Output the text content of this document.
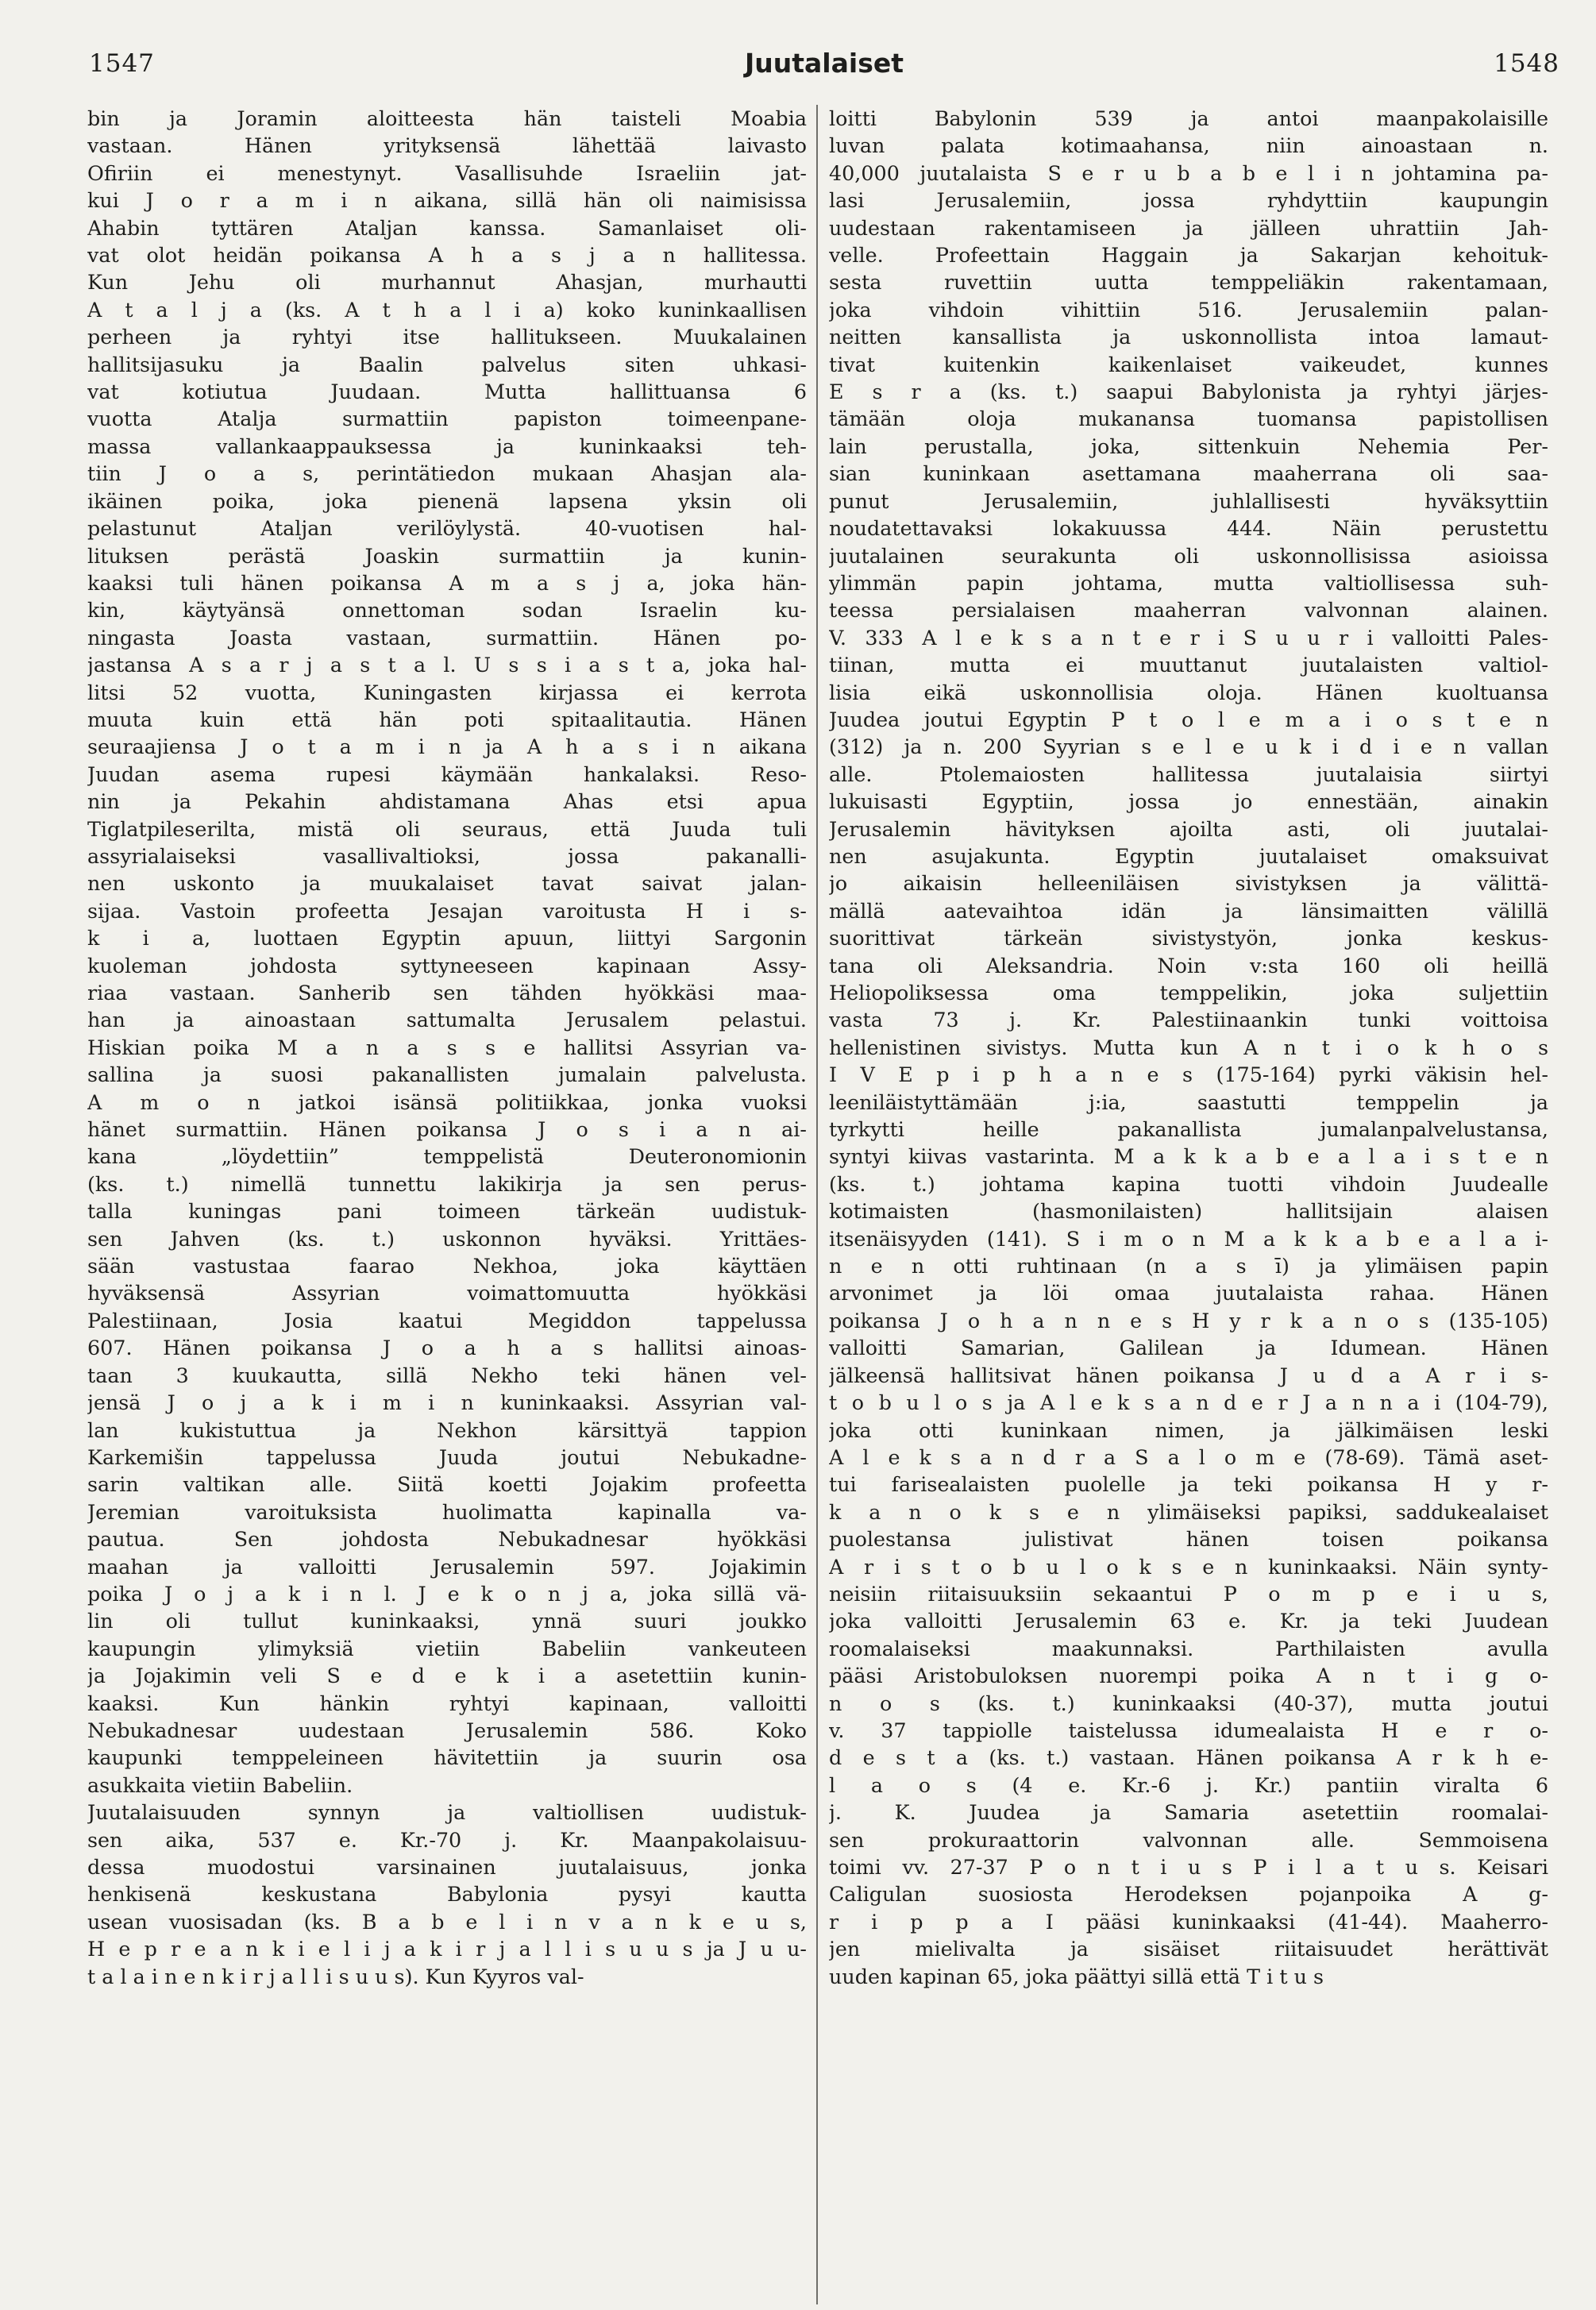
1547	Juutalaiset	1548

bin ja Joramin aloitteesta hän taisteli Moabia

vastaan. Hänen yrityksensä lähettää laivasto

Ofiriin ei menestynyt. Vasallisuhde Israeliin jat-

kui J o r a m i n aikana, sillä hän oli naimisissa

Ahabin tyttären Ataljan kanssa. Samanlaiset oli-

vat olot heidän poikansa A h a s j a n hallitessa.

Kun Jehu oli murhannut Ahasjan, murhautti

A t a l j a (ks. A t h a l i a) koko kuninkaallisen

perheen ja ryhtyi itse hallitukseen. Muukalainen

hallitsijasuku ja Baalin palvelus siten uhkasi-

vat kotiutua Juudaan. Mutta hallittuansa 6

vuotta Atalja surmattiin papiston toimeenpane-

massa vallankaappauksessa ja kuninkaaksi teh-

tiin J o a s, perintätiedon mukaan Ahasjan ala-

ikäinen poika, joka pienenä lapsena yksin oli

pelastunut Ataljan verilöylystä. 40-vuotisen hal-

lituksen perästä Joaskin surmattiin ja kunin-

kaaksi tuli hänen poikansa A m a s j a, joka hän-

kin, käytyänsä onnettoman sodan Israelin ku-

ningasta Joasta vastaan, surmattiin. Hänen po-

jastansa A s a r j a s t a l. U s s i a s t a, joka hal-

litsi 52 vuotta, Kuningasten kirjassa ei kerrota

muuta kuin että hän poti spitaalitautia. Hänen

seuraajiensa J o t a m i n ja A h a s i n aikana

Juudan asema rupesi käymään hankalaksi. Reso-

nin ja Pekahin ahdistamana Ahas etsi apua

Tiglatpileserilta, mistä oli seuraus, että Juuda tuli

assyrialaiseksi vasallivaltioksi, jossa pakanalli-

nen uskonto ja muukalaiset tavat saivat jalan-

sijaa. Vastoin profeetta Jesajan varoitusta H i s-

k i a, luottaen Egyptin apuun, liittyi Sargonin

kuoleman johdosta syttyneeseen kapinaan Assy-

riaa vastaan. Sanherib sen tähden hyökkäsi maa-

han ja ainoastaan sattumalta Jerusalem pelastui.

Hiskian poika M a n a s s e hallitsi Assyrian va-

sallina ja suosi pakanallisten jumalain palvelusta.

A m o n jatkoi isänsä politiikkaa, jonka vuoksi

hänet surmattiin. Hänen poikansa J o s i a n ai-

kana „löydettiin” temppelistä Deuteronomionin

(ks. t.) nimellä tunnettu lakikirja ja sen perus-

talla kuningas pani toimeen tärkeän uudistuk-

sen Jahven (ks. t.) uskonnon hyväksi. Yrittäes-

sään vastustaa faarao Nekhoa, joka käyttäen

hyväksensä Assyrian voimattomuutta hyökkäsi

Palestiinaan, Josia kaatui Megiddon tappelussa

607. Hänen poikansa J o a h a s hallitsi ainoas-

taan 3 kuukautta, sillä Nekho teki hänen vel-

jensä J o j a k i m i n kuninkaaksi. Assyrian val-

lan kukistuttua ja Nekhon kärsittyä tappion

Karkemišin tappelussa Juuda joutui Nebukadne-

sarin valtikan alle. Siitä koetti Jojakim profeetta

Jeremian varoituksista huolimatta kapinalla va-

pautua. Sen johdosta Nebukadnesar hyökkäsi

maahan ja valloitti Jerusalemin 597. Jojakimin

poika J o j a k i n l. J e k o n j a, joka sillä vä-

lin oli tullut kuninkaaksi, ynnä suuri joukko

kaupungin ylimyksiä vietiin Babeliin vankeuteen

ja Jojakimin veli S e d e k i a asetettiin kunin-

kaaksi. Kun hänkin ryhtyi kapinaan, valloitti

Nebukadnesar uudestaan Jerusalemin 586. Koko

kaupunki temppeleineen hävitettiin ja suurin osa

asukkaita vietiin Babeliin.

Juutalaisuuden synnyn ja valtiollisen uudistuk-

sen aika, 537 e. Kr.-70 j. Kr. Maanpakolaisuu-

dessa muodostui varsinainen juutalaisuus, jonka

henkisenä keskustana Babylonia pysyi kautta

usean vuosisadan (ks. B a b e l i n v a n k e u s,

H e p r e a n k i e l i j a k i r j a l l i s u u s ja J u u-

t a l a i n e n k i r j a l l i s u u s). Kun Kyyros val-

loitti Babylonin 539 ja antoi maanpakolaisille

luvan palata kotimaahansa, niin ainoastaan n.

40,000 juutalaista S e r u b a b e l i n johtamina pa-

lasi Jerusalemiin, jossa ryhdyttiin kaupungin

uudestaan rakentamiseen ja jälleen uhrattiin Jah-

velle. Profeettain Haggain ja Sakarjan kehoituk-

sesta ruvettiin uutta temppeliäkin rakentamaan,

joka vihdoin vihittiin 516. Jerusalemiin palan-

neitten kansallista ja uskonnollista intoa lamaut-

tivat kuitenkin kaikenlaiset vaikeudet, kunnes

E s r a (ks. t.) saapui Babylonista ja ryhtyi järjes-

tämään oloja mukanansa tuomansa papistollisen

lain perustalla, joka, sittenkuin Nehemia Per-

sian kuninkaan asettamana maaherrana oli saa-

punut Jerusalemiin, juhlallisesti hyväksyttiin

noudatettavaksi lokakuussa 444. Näin perustettu

juutalainen seurakunta oli uskonnollisissa asioissa

ylimmän papin johtama, mutta valtiollisessa suh-

teessa persialaisen maaherran valvonnan alainen.

V. 333 A l e k s a n t e r i S u u r i valloitti Pales-

tiinan, mutta ei muuttanut juutalaisten valtiol-

lisia eikä uskonnollisia oloja. Hänen kuoltuansa

Juudea joutui Egyptin P t o l e m a i o s t e n

(312) ja n. 200 Syyrian s e l e u k i d i e n vallan

alle. Ptolemaiosten hallitessa juutalaisia siirtyi

lukuisasti Egyptiin, jossa jo ennestään, ainakin

Jerusalemin hävityksen ajoilta asti, oli juutalai-

nen asujakunta. Egyptin juutalaiset omaksuivat

jo aikaisin helleeniläisen sivistyksen ja välittä-

mällä aatevaihtoa idän ja länsimaitten välillä

suorittivat tärkeän sivistystyön, jonka keskus-

tana oli Aleksandria. Noin v:sta 160 oli heillä

Heliopoliksessa oma temppelikin, joka suljettiin

vasta 73 j. Kr. Palestiinaankin tunki voittoisa

hellenistinen sivistys. Mutta kun A n t i o k h o s

I V E p i p h a n e s (175-164) pyrki väkisin hel-

leeniläistyttämään j:ia, saastutti temppelin ja

tyrkytti heille pakanallista jumalanpalvelustansa,

syntyi kiivas vastarinta. M a k k a b e a l a i s t e n

(ks. t.) johtama kapina tuotti vihdoin Juudealle

kotimaisten (hasmonilaisten) hallitsijain alaisen

itsenäisyyden (141). S i m o n M a k k a b e a l a i-

n e n otti ruhtinaan (n a s ī) ja ylimäisen papin

arvonimet ja löi omaa juutalaista rahaa. Hänen

poikansa J o h a n n e s H y r k a n o s (135-105)

valloitti Samarian, Galilean ja Idumean. Hänen

jälkeensä hallitsivat hänen poikansa J u d a A r i s-

t o b u l o s ja A l e k s a n d e r J a n n a i (104-79),

joka otti kuninkaan nimen, ja jälkimäisen leski

A l e k s a n d r a S a l o m e (78-69). Tämä aset-

tui farisealaisten puolelle ja teki poikansa H y r-

k a n o k s e n ylimäiseksi papiksi, saddukealaiset

puolestansa julistivat hänen toisen poikansa

A r i s t o b u l o k s e n kuninkaaksi. Näin synty-

neisiin riitaisuuksiin sekaantui P o m p e i u s,

joka valloitti Jerusalemin 63 e. Kr. ja teki Juudean

roomalaiseksi maakunnaksi. Parthilaisten avulla

pääsi Aristobuloksen nuorempi poika A n t i g o-

n o s (ks. t.) kuninkaaksi (40-37), mutta joutui

v. 37 tappiolle taistelussa idumealaista H e r o-

d e s t a (ks. t.) vastaan. Hänen poikansa A r k h e-

l a o s (4 e. Kr.-6 j. Kr.) pantiin viralta 6

j. K. Juudea ja Samaria asetettiin roomalai-

sen prokuraattorin valvonnan alle. Semmoisena

toimi vv. 27-37 P o n t i u s P i l a t u s. Keisari

Caligulan suosiosta Herodeksen pojanpoika A g-

r i p p a I pääsi kuninkaaksi (41-44). Maaherro-

jen mielivalta ja sisäiset riitaisuudet herättivät

uuden kapinan 65, joka päättyi sillä että T i t u s
